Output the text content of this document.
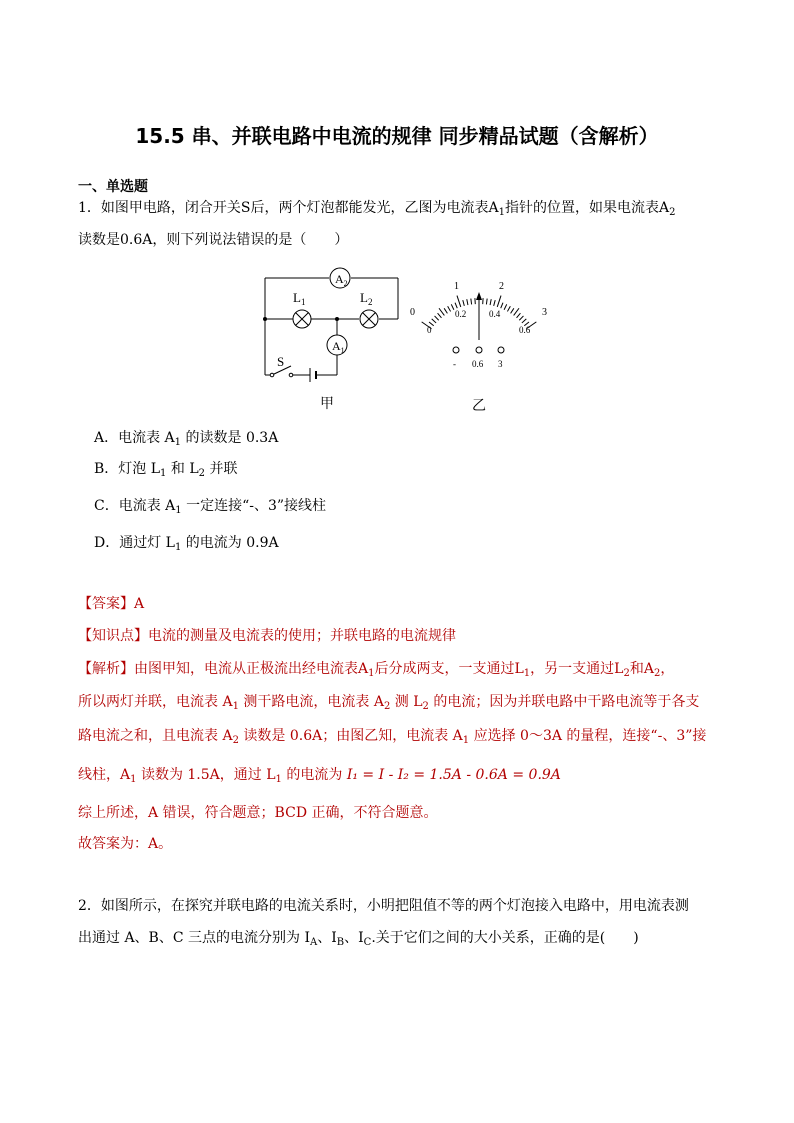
15.5 串、并联电路中电流的规律 同步精品试题（含解析）
一、单选题
1．如图甲电路，闭合开关S后，两个灯泡都能发光，乙图为电流表$A_1$指针的位置，如果电流表$A_2$
读数是0.6A，则下列说法错误的是（　　）
$A_2$
$A_1$
$L_1$	$L_2$
S
甲
0
1	2
3
0
0.2	0.4
0.6
- 0.6 3
乙
A．电流表 $A_1$ 的读数是 0.3A
B．灯泡 $L_1$ 和 $L_2$ 并联
C．电流表 $A_1$ 一定连接“-、3”接线柱
D．通过灯 $L_1$ 的电流为 0.9A
【答案】A
【知识点】电流的测量及电流表的使用；并联电路的电流规律
【解析】由图甲知，电流从正极流出经电流表$A_1$后分成两支，一支通过$L_1$，另一支通过$L_2$和$A_2$，
所以两灯并联，电流表 $A_1$ 测干路电流，电流表 $A_2$ 测 $L_2$ 的电流；因为并联电路中干路电流等于各支
路电流之和，且电流表 $A_2$ 读数是 0.6A；由图乙知，电流表 $A_1$ 应选择 0～3A 的量程，连接“-、3”接
线柱，$A_1$ 读数为 1.5A，通过 $L_1$ 的电流为 I₁ = I - I₂ = 1.5A - 0.6A = 0.9A
综上所述，A 错误，符合题意；BCD 正确，不符合题意。
故答案为：A。
2．如图所示，在探究并联电路的电流关系时，小明把阻值不等的两个灯泡接入电路中，用电流表测
出通过 A、B、C 三点的电流分别为 $I_A$、$I_B$、$I_C$.关于它们之间的大小关系，正确的是(　　)
